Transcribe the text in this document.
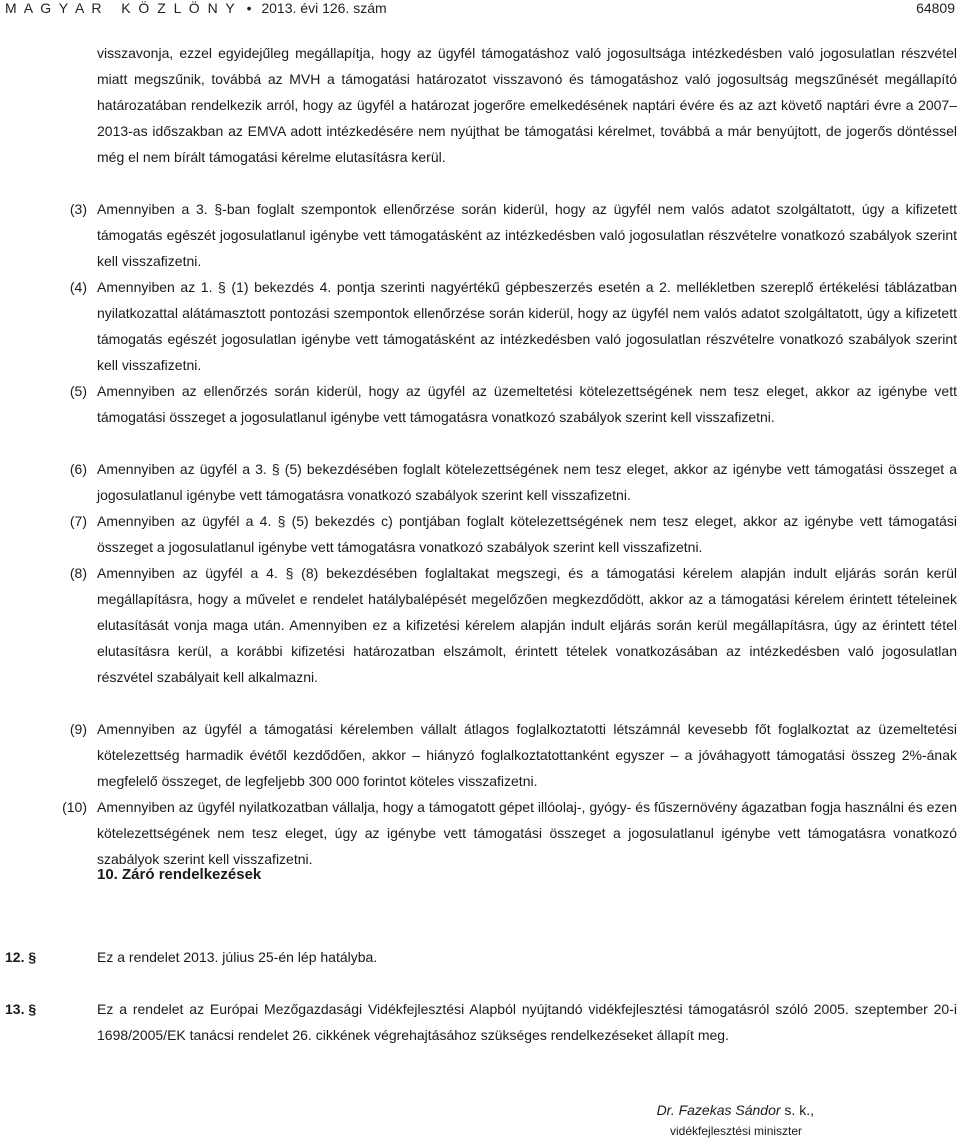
M A G Y A R   K Ö Z L Ö N Y • 2013. évi 126. szám	64809
visszavonja, ezzel egyidejűleg megállapítja, hogy az ügyfél támogatáshoz való jogosultsága intézkedésben való jogosulatlan részvétel miatt megszűnik, továbbá az MVH a támogatási határozatot visszavonó és támogatáshoz való jogosultság megszűnését megállapító határozatában rendelkezik arról, hogy az ügyfél a határozat jogerőre emelkedésének naptári évére és az azt követő naptári évre a 2007–2013-as időszakban az EMVA adott intézkedésére nem nyújthat be támogatási kérelmet, továbbá a már benyújtott, de jogerős döntéssel még el nem bírált támogatási kérelme elutasításra kerül.
(3) Amennyiben a 3. §-ban foglalt szempontok ellenőrzése során kiderül, hogy az ügyfél nem valós adatot szolgáltatott, úgy a kifizetett támogatás egészét jogosulatlanul igénybe vett támogatásként az intézkedésben való jogosulatlan részvételre vonatkozó szabályok szerint kell visszafizetni.
(4) Amennyiben az 1. § (1) bekezdés 4. pontja szerinti nagyértékű gépbeszerzés esetén a 2. mellékletben szereplő értékelési táblázatban nyilatkozattal alátámasztott pontozási szempontok ellenőrzése során kiderül, hogy az ügyfél nem valós adatot szolgáltatott, úgy a kifizetett támogatás egészét jogosulatlan igénybe vett támogatásként az intézkedésben való jogosulatlan részvételre vonatkozó szabályok szerint kell visszafizetni.
(5) Amennyiben az ellenőrzés során kiderül, hogy az ügyfél az üzemeltetési kötelezettségének nem tesz eleget, akkor az igénybe vett támogatási összeget a jogosulatlanul igénybe vett támogatásra vonatkozó szabályok szerint kell visszafizetni.
(6) Amennyiben az ügyfél a 3. § (5) bekezdésében foglalt kötelezettségének nem tesz eleget, akkor az igénybe vett támogatási összeget a jogosulatlanul igénybe vett támogatásra vonatkozó szabályok szerint kell visszafizetni.
(7) Amennyiben az ügyfél a 4. § (5) bekezdés c) pontjában foglalt kötelezettségének nem tesz eleget, akkor az igénybe vett támogatási összeget a jogosulatlanul igénybe vett támogatásra vonatkozó szabályok szerint kell visszafizetni.
(8) Amennyiben az ügyfél a 4. § (8) bekezdésében foglaltakat megszegi, és a támogatási kérelem alapján indult eljárás során kerül megállapításra, hogy a művelet e rendelet hatálybalépését megelőzően megkezdődött, akkor az a támogatási kérelem érintett tételeinek elutasítását vonja maga után. Amennyiben ez a kifizetési kérelem alapján indult eljárás során kerül megállapításra, úgy az érintett tétel elutasításra kerül, a korábbi kifizetési határozatban elszámolt, érintett tételek vonatkozásában az intézkedésben való jogosulatlan részvétel szabályait kell alkalmazni.
(9) Amennyiben az ügyfél a támogatási kérelemben vállalt átlagos foglalkoztatotti létszámnál kevesebb főt foglalkoztat az üzemeltetési kötelezettség harmadik évétől kezdődően, akkor – hiányzó foglalkoztatottanként egyszer – a jóváhagyott támogatási összeg 2%-ának megfelelő összeget, de legfeljebb 300 000 forintot köteles visszafizetni.
(10) Amennyiben az ügyfél nyilatkozatban vállalja, hogy a támogatott gépet illóolaj-, gyógy- és fűszernövény ágazatban fogja használni és ezen kötelezettségének nem tesz eleget, úgy az igénybe vett támogatási összeget a jogosulatlanul igénybe vett támogatásra vonatkozó szabályok szerint kell visszafizetni.
10. Záró rendelkezések
12. §	Ez a rendelet 2013. július 25-én lép hatályba.
13. §	Ez a rendelet az Európai Mezőgazdasági Vidékfejlesztési Alapból nyújtandó vidékfejlesztési támogatásról szóló 2005. szeptember 20-i 1698/2005/EK tanácsi rendelet 26. cikkének végrehajtásához szükséges rendelkezéseket állapít meg.
Dr. Fazekas Sándor s. k.,
vidékfejlesztési miniszter
